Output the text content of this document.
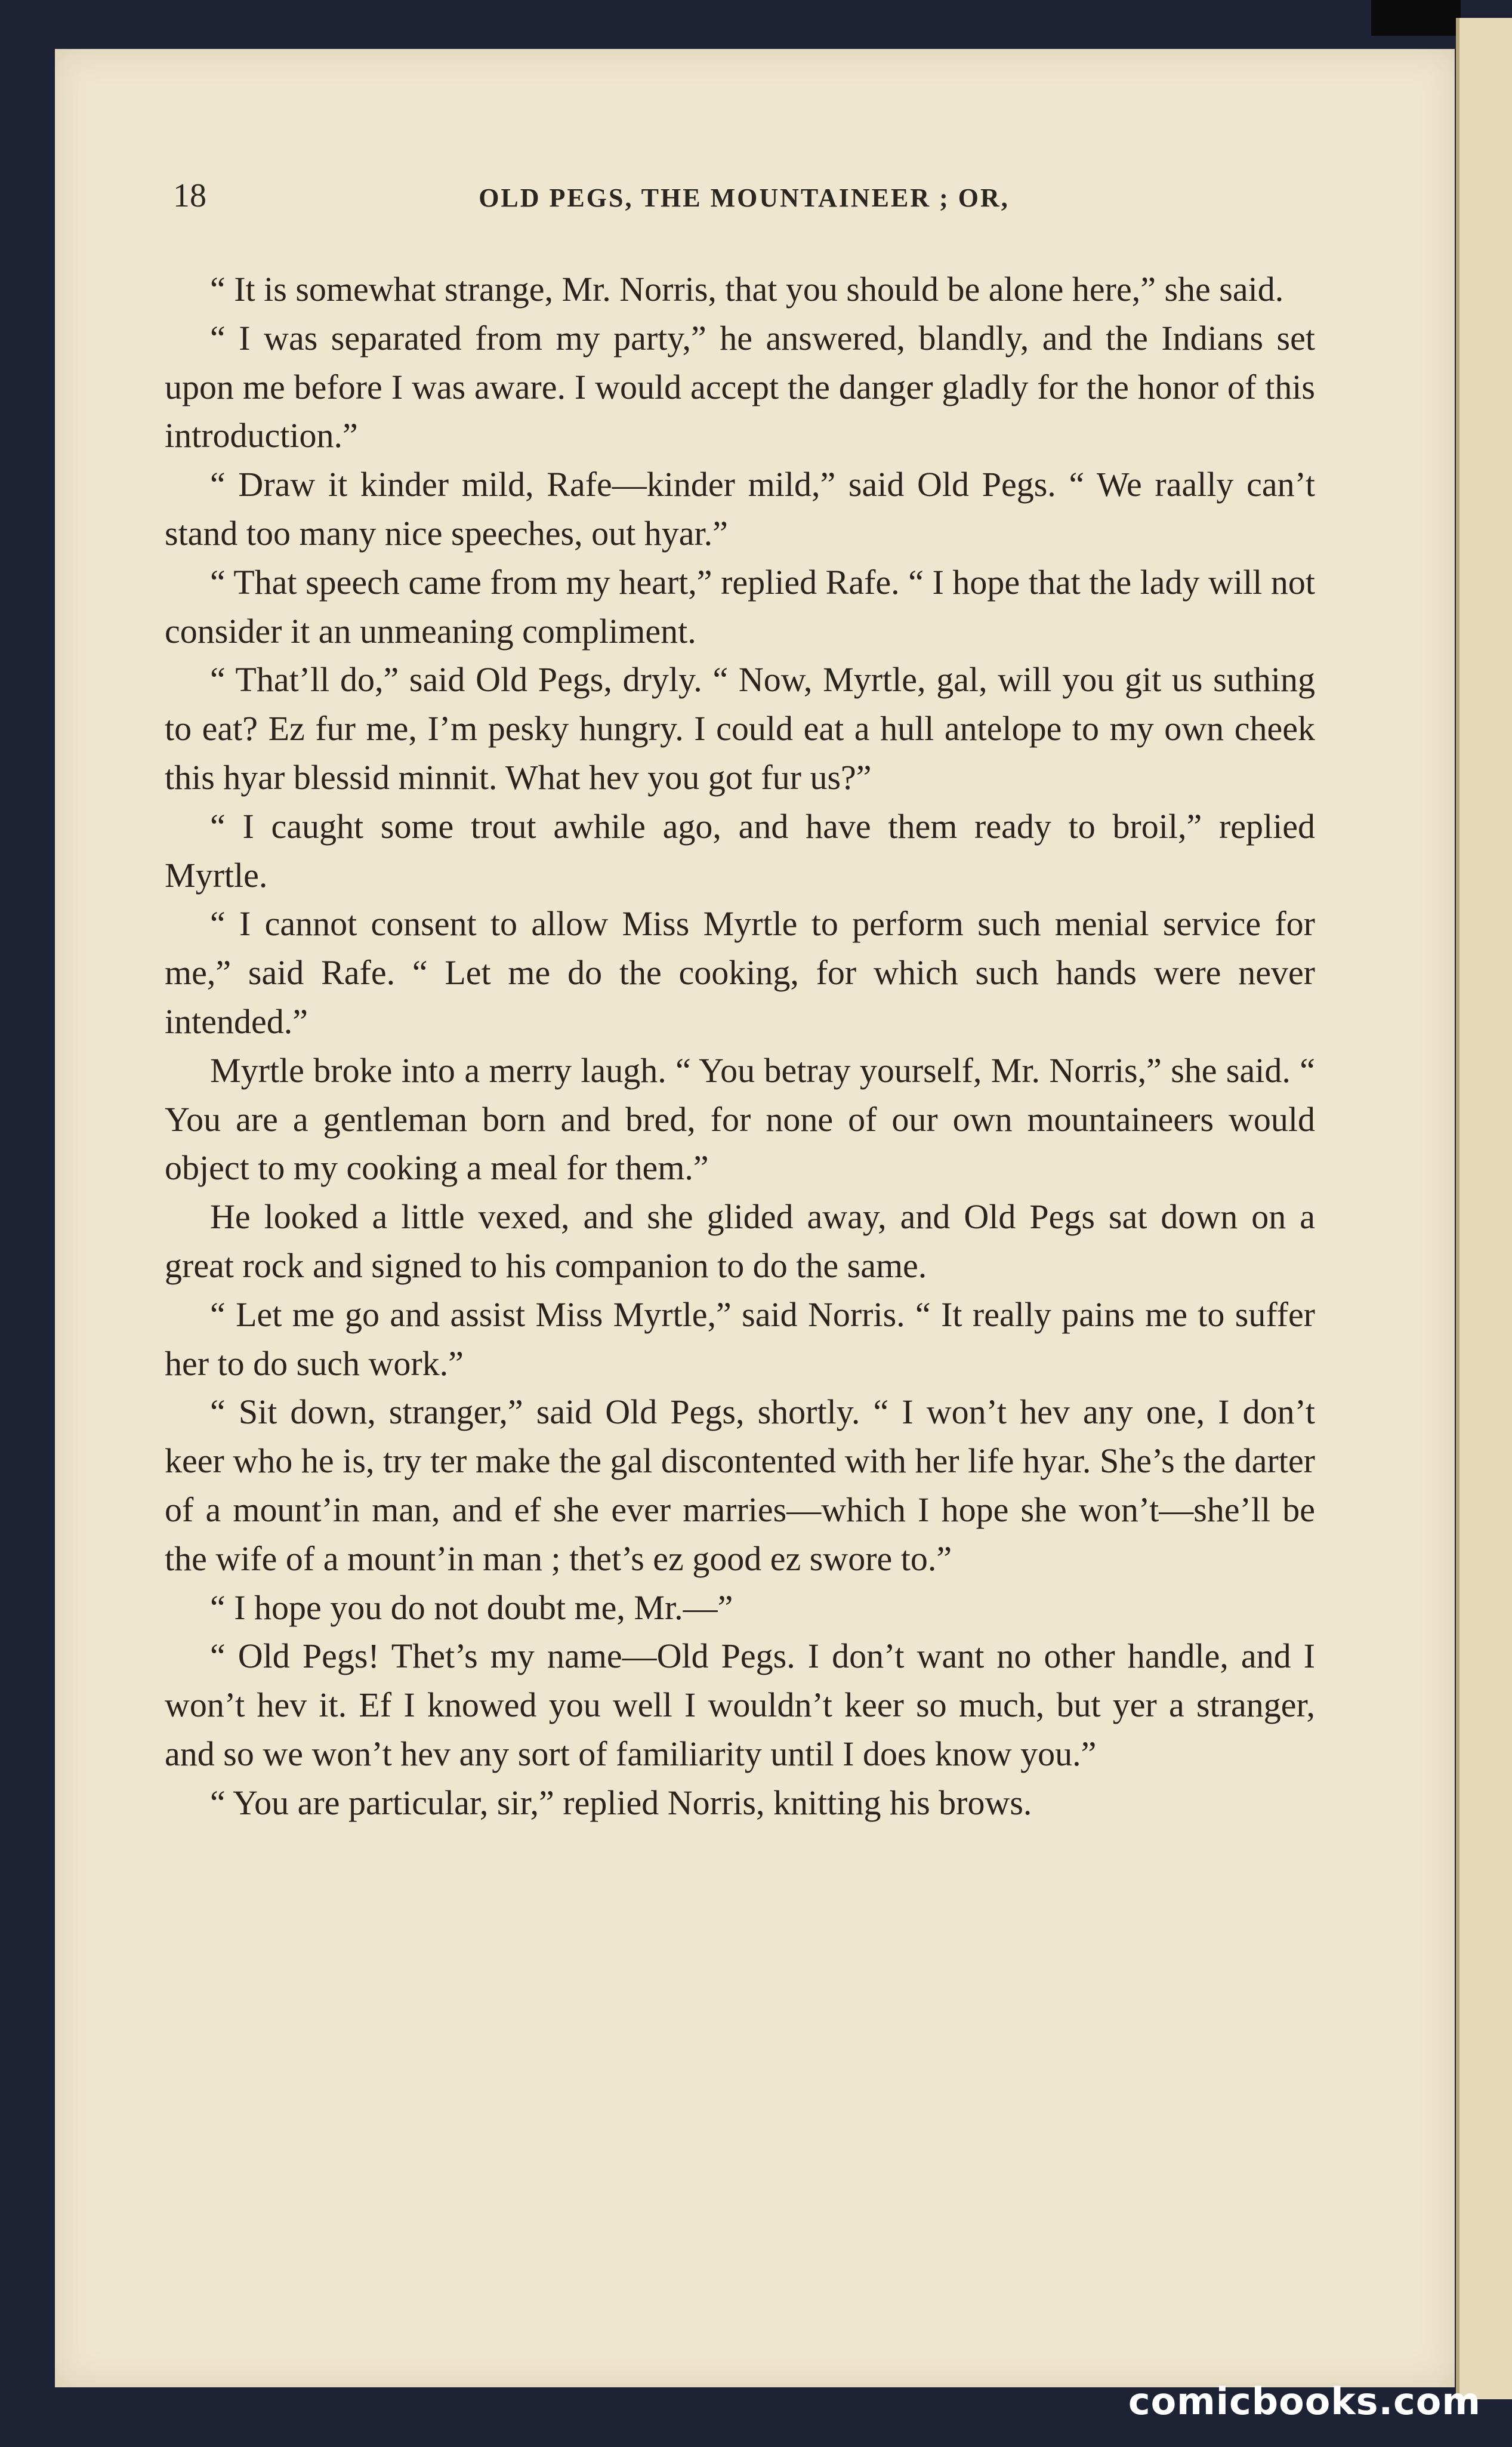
18	OLD PEGS, THE MOUNTAINEER ; OR,

“ It is somewhat strange, Mr. Norris, that you should be alone here,” she said.

“ I was separated from my party,” he answered, blandly, and the Indians set upon me before I was aware. I would accept the danger gladly for the honor of this introduction.”

“ Draw it kinder mild, Rafe—kinder mild,” said Old Pegs. “ We raally can’t stand too many nice speeches, out hyar.”

“ That speech came from my heart,” replied Rafe. “ I hope that the lady will not consider it an unmeaning compliment.

“ That’ll do,” said Old Pegs, dryly. “ Now, Myrtle, gal, will you git us suthing to eat? Ez fur me, I’m pesky hungry. I could eat a hull antelope to my own cheek this hyar blessid minnit. What hev you got fur us?”

“ I caught some trout awhile ago, and have them ready to broil,” replied Myrtle.

“ I cannot consent to allow Miss Myrtle to perform such menial service for me,” said Rafe. “ Let me do the cooking, for which such hands were never intended.”

Myrtle broke into a merry laugh. “ You betray yourself, Mr. Norris,” she said. “ You are a gentleman born and bred, for none of our own mountaineers would object to my cooking a meal for them.”

He looked a little vexed, and she glided away, and Old Pegs sat down on a great rock and signed to his companion to do the same.

“ Let me go and assist Miss Myrtle,” said Norris. “ It really pains me to suffer her to do such work.”

“ Sit down, stranger,” said Old Pegs, shortly. “ I won’t hev any one, I don’t keer who he is, try ter make the gal discontented with her life hyar. She’s the darter of a mount’in man, and ef she ever marries—which I hope she won’t—she’ll be the wife of a mount’in man ; thet’s ez good ez swore to.”

“ I hope you do not doubt me, Mr.—”

“ Old Pegs! Thet’s my name—Old Pegs. I don’t want no other handle, and I won’t hev it. Ef I knowed you well I wouldn’t keer so much, but yer a stranger, and so we won’t hev any sort of familiarity until I does know you.”

“ You are particular, sir,” replied Norris, knitting his brows.

comicbooks.com
